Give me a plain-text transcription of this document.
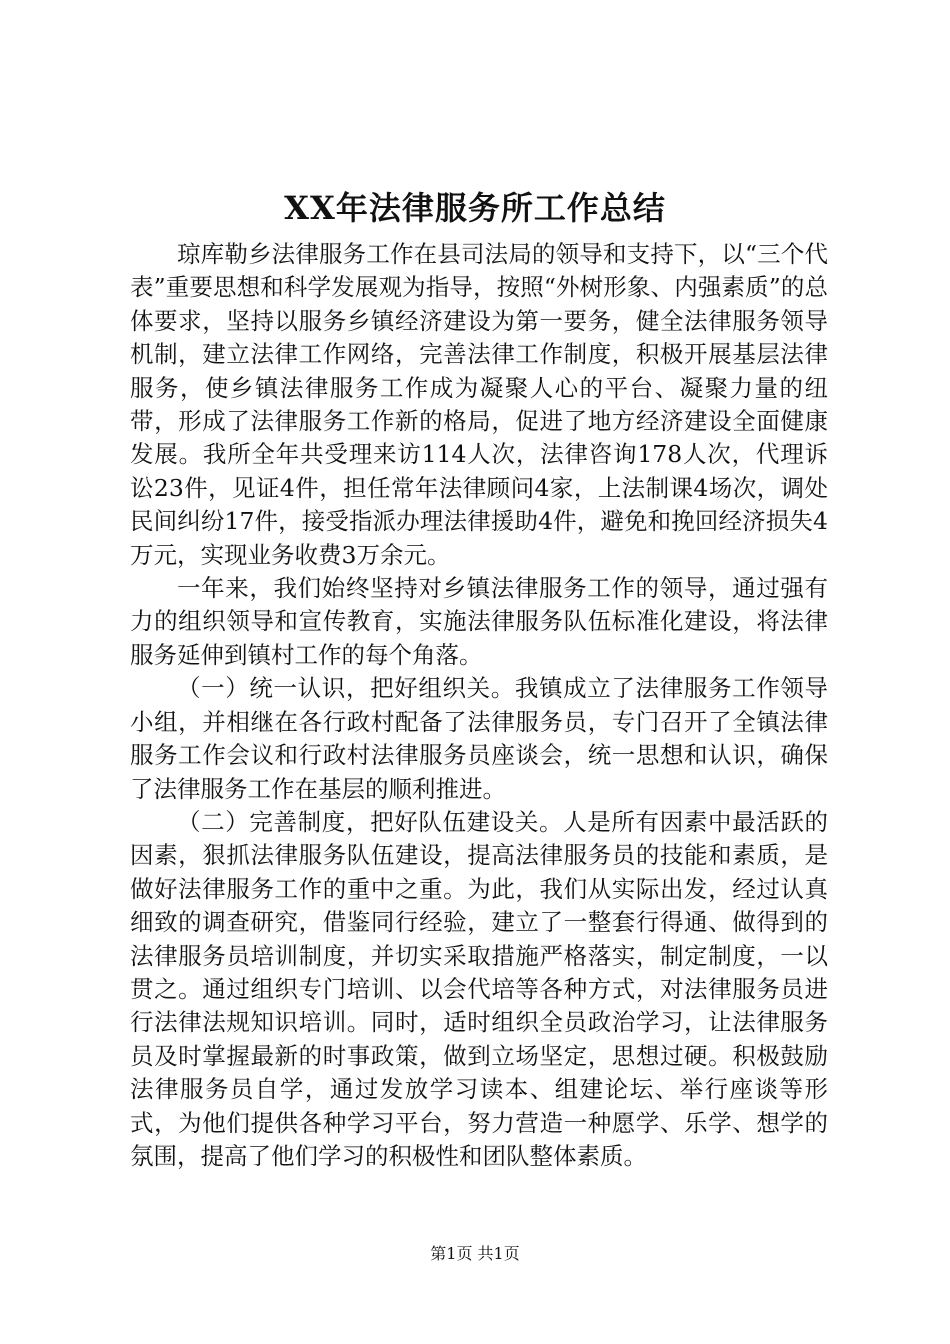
XX年法律服务所工作总结

琼库勒乡法律服务工作在县司法局的领导和支持下，以“三个代表”重要思想和科学发展观为指导，按照“外树形象、内强素质”的总体要求，坚持以服务乡镇经济建设为第一要务，健全法律服务领导机制，建立法律工作网络，完善法律工作制度，积极开展基层法律服务，使乡镇法律服务工作成为凝聚人心的平台、凝聚力量的纽带，形成了法律服务工作新的格局，促进了地方经济建设全面健康发展。我所全年共受理来访114人次，法律咨询178人次，代理诉讼23件，见证4件，担任常年法律顾问4家，上法制课4场次，调处民间纠纷17件，接受指派办理法律援助4件，避免和挽回经济损失4万元，实现业务收费3万余元。

一年来，我们始终坚持对乡镇法律服务工作的领导，通过强有力的组织领导和宣传教育，实施法律服务队伍标准化建设，将法律服务延伸到镇村工作的每个角落。

（一）统一认识，把好组织关。我镇成立了法律服务工作领导小组，并相继在各行政村配备了法律服务员，专门召开了全镇法律服务工作会议和行政村法律服务员座谈会，统一思想和认识，确保了法律服务工作在基层的顺利推进。

（二）完善制度，把好队伍建设关。人是所有因素中最活跃的因素，狠抓法律服务队伍建设，提高法律服务员的技能和素质，是做好法律服务工作的重中之重。为此，我们从实际出发，经过认真细致的调查研究，借鉴同行经验，建立了一整套行得通、做得到的法律服务员培训制度，并切实采取措施严格落实，制定制度，一以贯之。通过组织专门培训、以会代培等各种方式，对法律服务员进行法律法规知识培训。同时，适时组织全员政治学习，让法律服务员及时掌握最新的时事政策，做到立场坚定，思想过硬。积极鼓励法律服务员自学，通过发放学习读本、组建论坛、举行座谈等形式，为他们提供各种学习平台，努力营造一种愿学、乐学、想学的氛围，提高了他们学习的积极性和团队整体素质。

第1页 共1页
